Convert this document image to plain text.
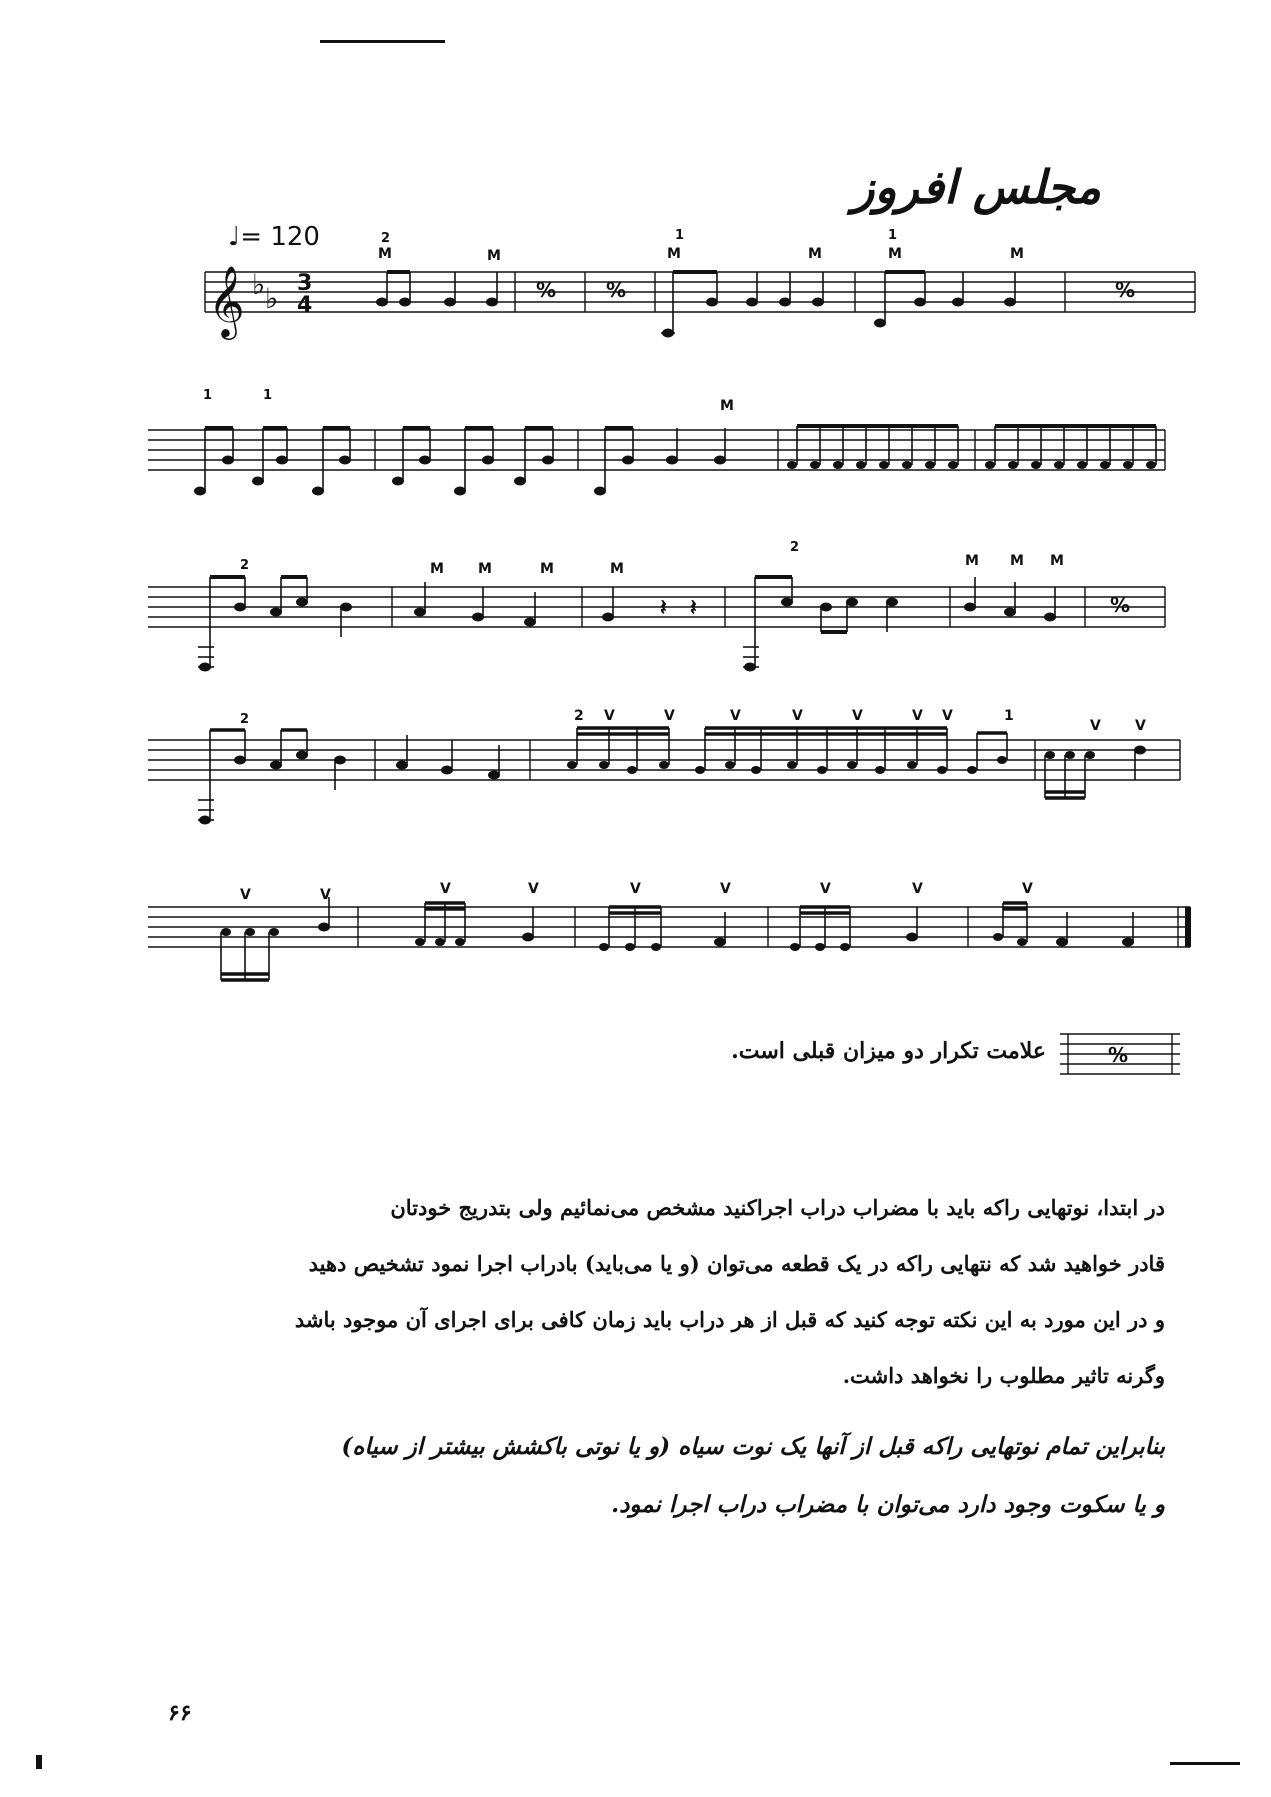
مجلس افروز
♩= 120
𝄞 ♭ ♭ 3
4
% %	%
M	M	M	M	M	M
2	1	1
M
1	1
𝄽 𝄽	%
M M	M	M	M M M
2
2
2 V	V	V	V	V	V V	1
V V
2
V	V	V	V	V	V	V	V	V
%
علامت تکرار دو میزان قبلی است.

در ابتدا، نوتهایی راکه باید با مضراب دراب اجراکنید مشخص می‌نمائیم ولی بتدریج خودتان

قادر خواهید شد که نتهایی راکه در یک قطعه می‌توان (و یا می‌باید) بادراب اجرا نمود تشخیص دهید

و در این مورد به این نکته توجه کنید که قبل از هر دراب باید زمان کافی برای اجرای آن موجود باشد

وگرنه تاثیر مطلوب را نخواهد داشت.

بنابراین تمام نوتهایی راکه قبل از آنها یک نوت سیاه (و یا نوتی باکشش بیشتر از سیاه)

و یا سکوت وجود دارد می‌توان با مضراب دراب اجرا نمود.

۶۶
